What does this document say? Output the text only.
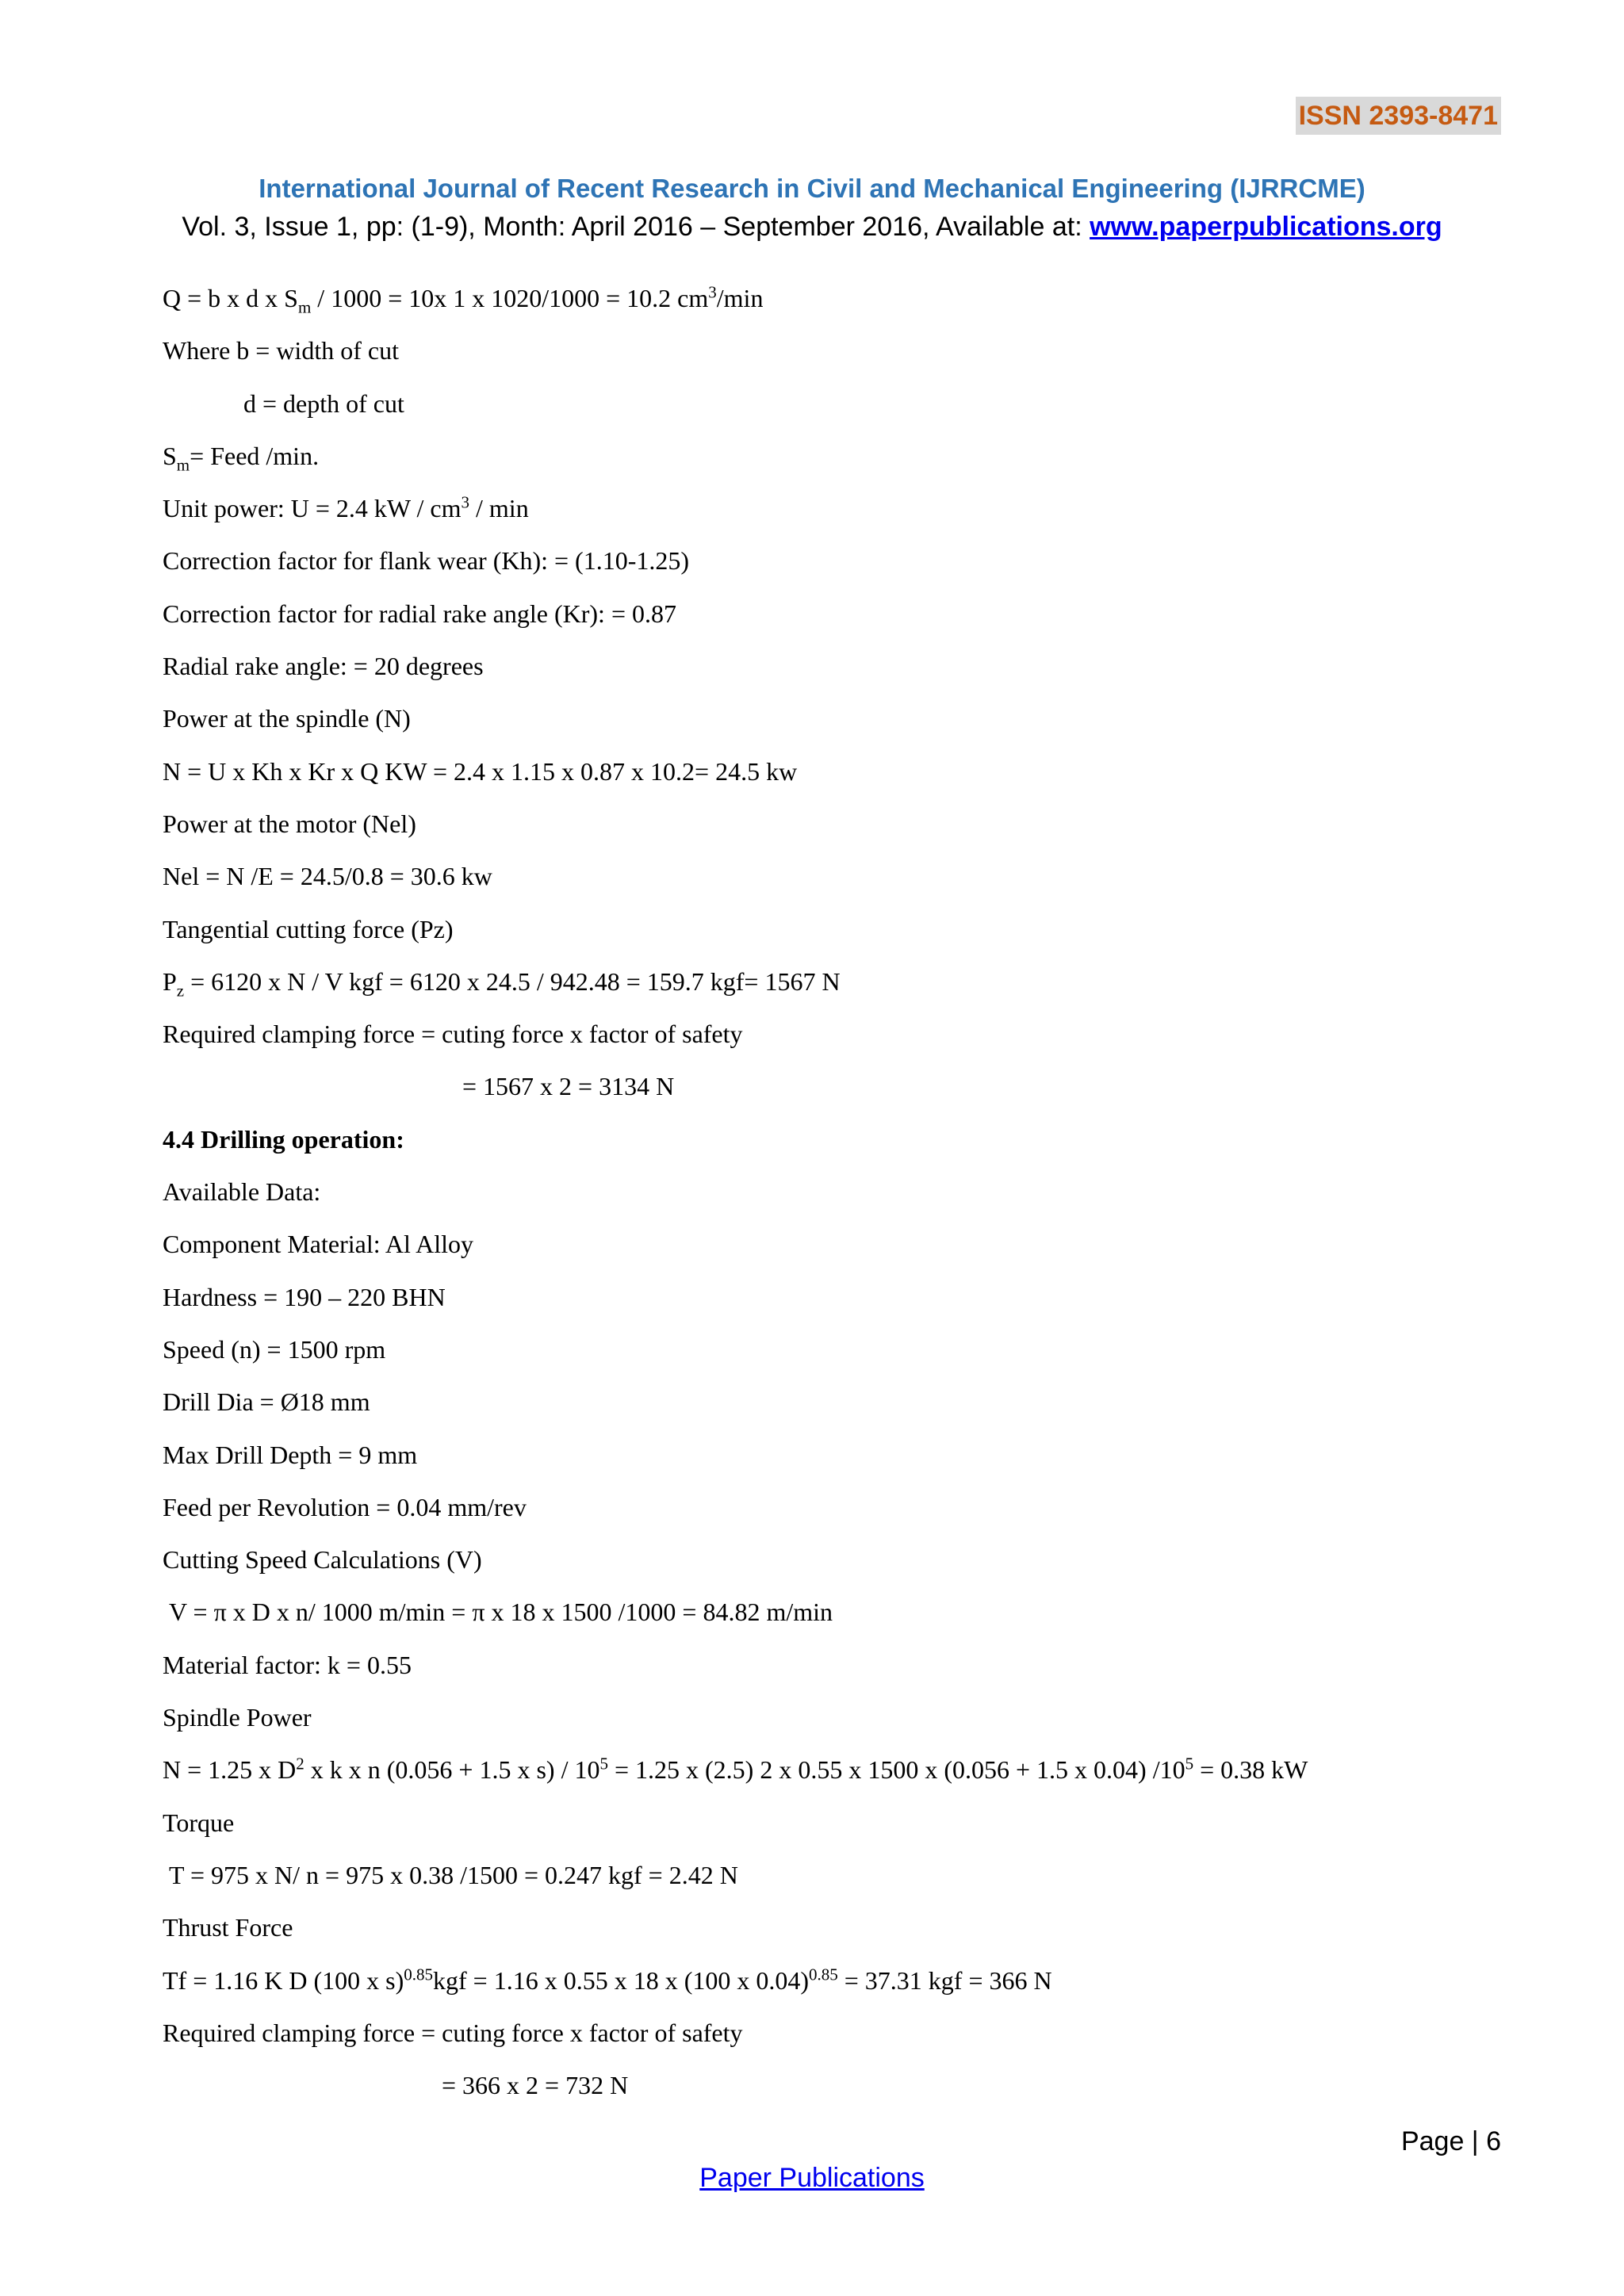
ISSN 2393-8471
International Journal of Recent Research in Civil and Mechanical Engineering (IJRRCME)
Vol. 3, Issue 1, pp: (1-9), Month: April 2016 – September 2016, Available at: www.paperpublications.org
Q = b x d x $S_m / 1000 = 10x$ 1 x 1020/1000 = 10.2 $cm^3/\min$
Where b = width of cut
d = depth of cut
$S_m=$ Feed /min.
Unit power: U = 2.4 kW / $cm^3$ / min
Correction factor for flank wear (Kh): = (1.10-1.25)
Correction factor for radial rake angle (Kr): = 0.87
Radial rake angle: = 20 degrees
Power at the spindle (N)
N = U x Kh x Kr x Q KW = 2.4 x 1.15 x 0.87 x 10.2= 24.5 kw
Power at the motor (Nel)
Nel = N /E = 24.5/0.8 = 30.6 kw
Tangential cutting force (Pz)
$P_z = 6120$ x N / V kgf = 6120 x 24.5 / 942.48 = 159.7 kgf= 1567 N
Required clamping force = cuting force x factor of safety
= 1567 x 2 = 3134 N
4.4 Drilling operation:
Available Data:
Component Material: Al Alloy
Hardness = 190 – 220 BHN
Speed (n) = 1500 rpm
Drill Dia = Ø18 mm
Max Drill Depth = 9 mm
Feed per Revolution = 0.04 mm/rev
Cutting Speed Calculations (V)
V = π x D x n/ 1000 m/min = π x 18 x 1500 /1000 = 84.82 m/min
Material factor: k = 0.55
Spindle Power
N = 1.25 x $D^2$ x k x n (0.056 + 1.5 x $s) / 10^5 = 1.25$ x (2.5) 2 x 0.55 x 1500 x (0.056 + 1.5 x 0.04) $/10^5 = 0.38$ kW
Torque
T = 975 x N/ n = 975 x 0.38 /1500 = 0.247 kgf = 2.42 N
Thrust Force
Tf = 1.16 K D (100 x s)$^{0.85}$kgf = 1.16 x 0.55 x 18 x (100 x 0.04)$^{0.85}$ = 37.31 kgf = 366 N
Required clamping force = cuting force x factor of safety
= 366 x 2 = 732 N
Page | 6
Paper Publications
